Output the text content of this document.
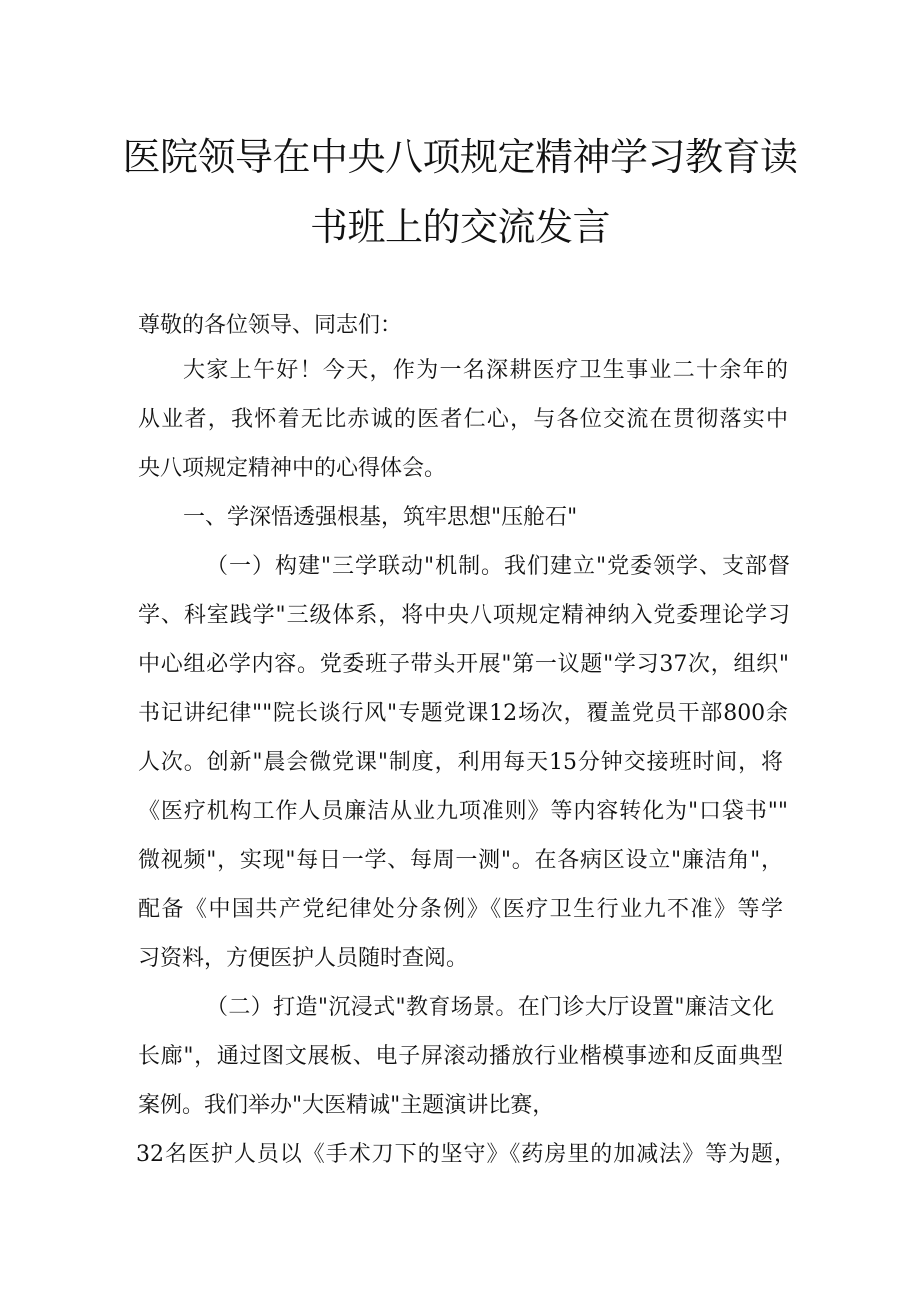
医院领导在中央八项规定精神学习教育读
书班上的交流发言
尊敬的各位领导、同志们：
大家上午好！今天，作为一名深耕医疗卫生事业二十余年的
从业者，我怀着无比赤诚的医者仁心，与各位交流在贯彻落实中
央八项规定精神中的心得体会。
一、学深悟透强根基，筑牢思想"压舱石"
（一）构建"三学联动"机制。我们建立"党委领学、支部督
学、科室践学"三级体系，将中央八项规定精神纳入党委理论学习
中心组必学内容。党委班子带头开展"第一议题"学习37次，组织"
书记讲纪律""院长谈行风"专题党课12场次，覆盖党员干部800余
人次。创新"晨会微党课"制度，利用每天15分钟交接班时间，将
《医疗机构工作人员廉洁从业九项准则》等内容转化为"口袋书""
微视频"，实现"每日一学、每周一测"。在各病区设立"廉洁角"，
配备《中国共产党纪律处分条例》《医疗卫生行业九不准》等学
习资料，方便医护人员随时查阅。
（二）打造"沉浸式"教育场景。在门诊大厅设置"廉洁文化
长廊"，通过图文展板、电子屏滚动播放行业楷模事迹和反面典型
案例。我们举办"大医精诚"主题演讲比赛，
32名医护人员以《手术刀下的坚守》《药房里的加减法》等为题，
